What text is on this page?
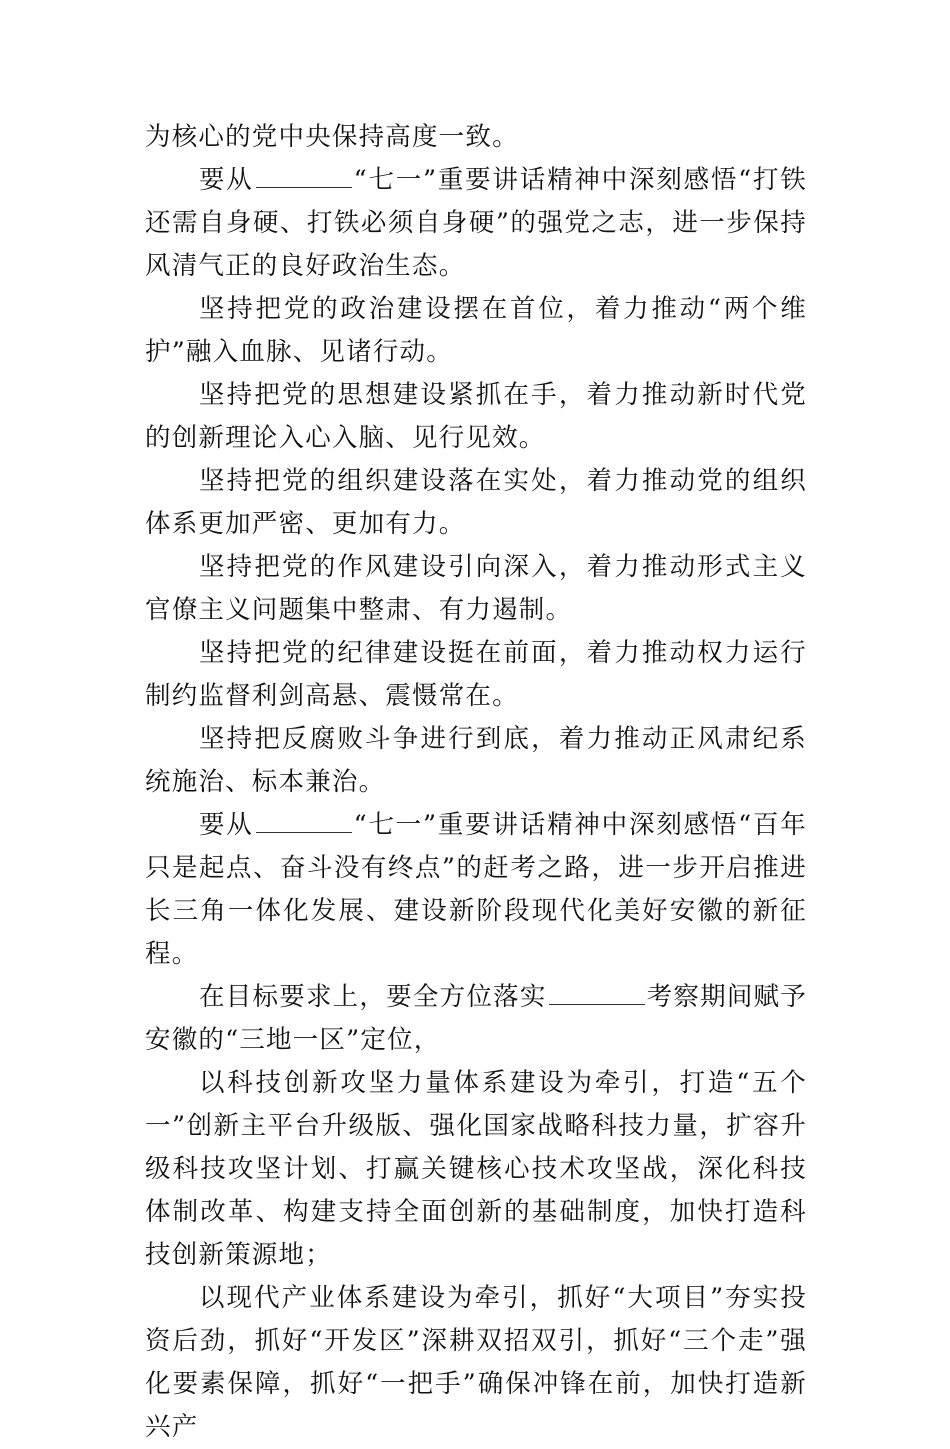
为核心的党中央保持高度一致。

要从	“七一”重要讲话精神中深刻感悟“打铁还需自身硬、打铁必须自身硬”的强党之志，进一步保持风清气正的良好政治生态。

坚持把党的政治建设摆在首位，着力推动“两个维护”融入血脉、见诸行动。

坚持把党的思想建设紧抓在手，着力推动新时代党的创新理论入心入脑、见行见效。

坚持把党的组织建设落在实处，着力推动党的组织体系更加严密、更加有力。

坚持把党的作风建设引向深入，着力推动形式主义官僚主义问题集中整肃、有力遏制。

坚持把党的纪律建设挺在前面，着力推动权力运行制约监督利剑高悬、震慑常在。

坚持把反腐败斗争进行到底，着力推动正风肃纪系统施治、标本兼治。

要从	“七一”重要讲话精神中深刻感悟“百年只是起点、奋斗没有终点”的赶考之路，进一步开启推进长三角一体化发展、建设新阶段现代化美好安徽的新征程。

在目标要求上，要全方位落实	考察期间赋予安徽的“三地一区”定位，

以科技创新攻坚力量体系建设为牵引，打造“五个一”创新主平台升级版、强化国家战略科技力量，扩容升级科技攻坚计划、打赢关键核心技术攻坚战，深化科技体制改革、构建支持全面创新的基础制度，加快打造科技创新策源地；

以现代产业体系建设为牵引，抓好“大项目”夯实投资后劲，抓好“开发区”深耕双招双引，抓好“三个走”强化要素保障，抓好“一把手”确保冲锋在前，加快打造新兴产
